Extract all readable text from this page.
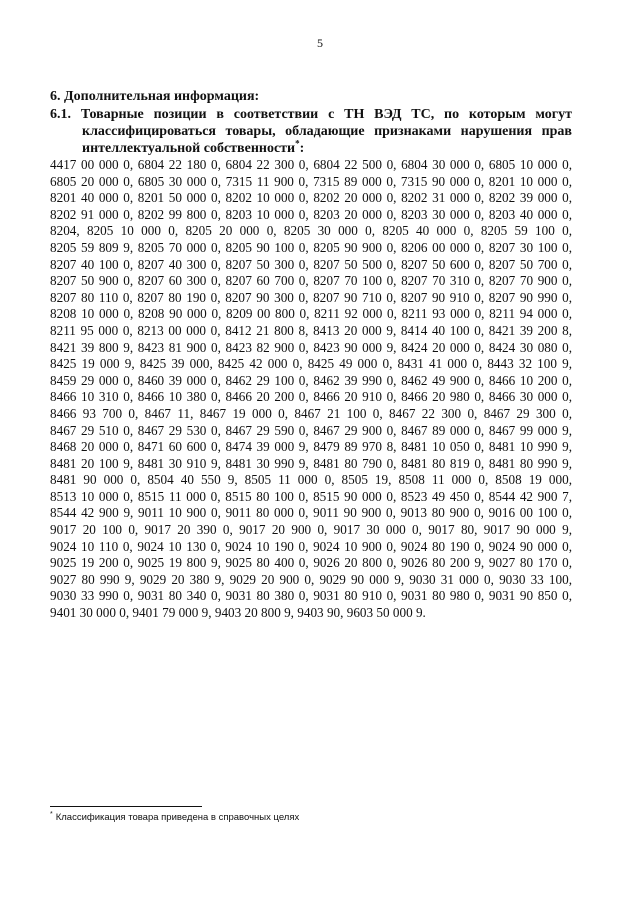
5
6. Дополнительная информация:
6.1. Товарные позиции в соответствии с ТН ВЭД ТС, по которым могут
классифицироваться товары, обладающие признаками нарушения прав
интеллектуальной собственности*:
4417 00 000 0, 6804 22 180 0, 6804 22 300 0, 6804 22 500 0, 6804 30 000 0, 6805 10 000 0,
6805 20 000 0, 6805 30 000 0, 7315 11 900 0, 7315 89 000 0, 7315 90 000 0, 8201 10 000 0,
8201 40 000 0, 8201 50 000 0, 8202 10 000 0, 8202 20 000 0, 8202 31 000 0, 8202 39 000 0,
8202 91 000 0, 8202 99 800 0, 8203 10 000 0, 8203 20 000 0, 8203 30 000 0, 8203 40 000 0,
8204, 8205 10 000 0, 8205 20 000 0, 8205 30 000 0, 8205 40 000 0, 8205 59 100 0,
8205 59 809 9, 8205 70 000 0, 8205 90 100 0, 8205 90 900 0, 8206 00 000 0, 8207 30 100 0,
8207 40 100 0, 8207 40 300 0, 8207 50 300 0, 8207 50 500 0, 8207 50 600 0, 8207 50 700 0,
8207 50 900 0, 8207 60 300 0, 8207 60 700 0, 8207 70 100 0, 8207 70 310 0, 8207 70 900 0,
8207 80 110 0, 8207 80 190 0, 8207 90 300 0, 8207 90 710 0, 8207 90 910 0, 8207 90 990 0,
8208 10 000 0, 8208 90 000 0, 8209 00 800 0, 8211 92 000 0, 8211 93 000 0, 8211 94 000 0,
8211 95 000 0, 8213 00 000 0, 8412 21 800 8, 8413 20 000 9, 8414 40 100 0, 8421 39 200 8,
8421 39 800 9, 8423 81 900 0, 8423 82 900 0, 8423 90 000 9, 8424 20 000 0, 8424 30 080 0,
8425 19 000 9, 8425 39 000, 8425 42 000 0, 8425 49 000 0, 8431 41 000 0, 8443 32 100 9,
8459 29 000 0, 8460 39 000 0, 8462 29 100 0, 8462 39 990 0, 8462 49 900 0, 8466 10 200 0,
8466 10 310 0, 8466 10 380 0, 8466 20 200 0, 8466 20 910 0, 8466 20 980 0, 8466 30 000 0,
8466 93 700 0, 8467 11, 8467 19 000 0, 8467 21 100 0, 8467 22 300 0, 8467 29 300 0,
8467 29 510 0, 8467 29 530 0, 8467 29 590 0, 8467 29 900 0, 8467 89 000 0, 8467 99 000 9,
8468 20 000 0, 8471 60 600 0, 8474 39 000 9, 8479 89 970 8, 8481 10 050 0, 8481 10 990 9,
8481 20 100 9, 8481 30 910 9, 8481 30 990 9, 8481 80 790 0, 8481 80 819 0, 8481 80 990 9,
8481 90 000 0, 8504 40 550 9, 8505 11 000 0, 8505 19, 8508 11 000 0, 8508 19 000,
8513 10 000 0, 8515 11 000 0, 8515 80 100 0, 8515 90 000 0, 8523 49 450 0, 8544 42 900 7,
8544 42 900 9, 9011 10 900 0, 9011 80 000 0, 9011 90 900 0, 9013 80 900 0, 9016 00 100 0,
9017 20 100 0, 9017 20 390 0, 9017 20 900 0, 9017 30 000 0, 9017 80, 9017 90 000 9,
9024 10 110 0, 9024 10 130 0, 9024 10 190 0, 9024 10 900 0, 9024 80 190 0, 9024 90 000 0,
9025 19 200 0, 9025 19 800 9, 9025 80 400 0, 9026 20 800 0, 9026 80 200 9, 9027 80 170 0,
9027 80 990 9, 9029 20 380 9, 9029 20 900 0, 9029 90 000 9, 9030 31 000 0, 9030 33 100,
9030 33 990 0, 9031 80 340 0, 9031 80 380 0, 9031 80 910 0, 9031 80 980 0, 9031 90 850 0,
9401 30 000 0, 9401 79 000 9, 9403 20 800 9, 9403 90, 9603 50 000 9.
* Классификация товара приведена в справочных целях
